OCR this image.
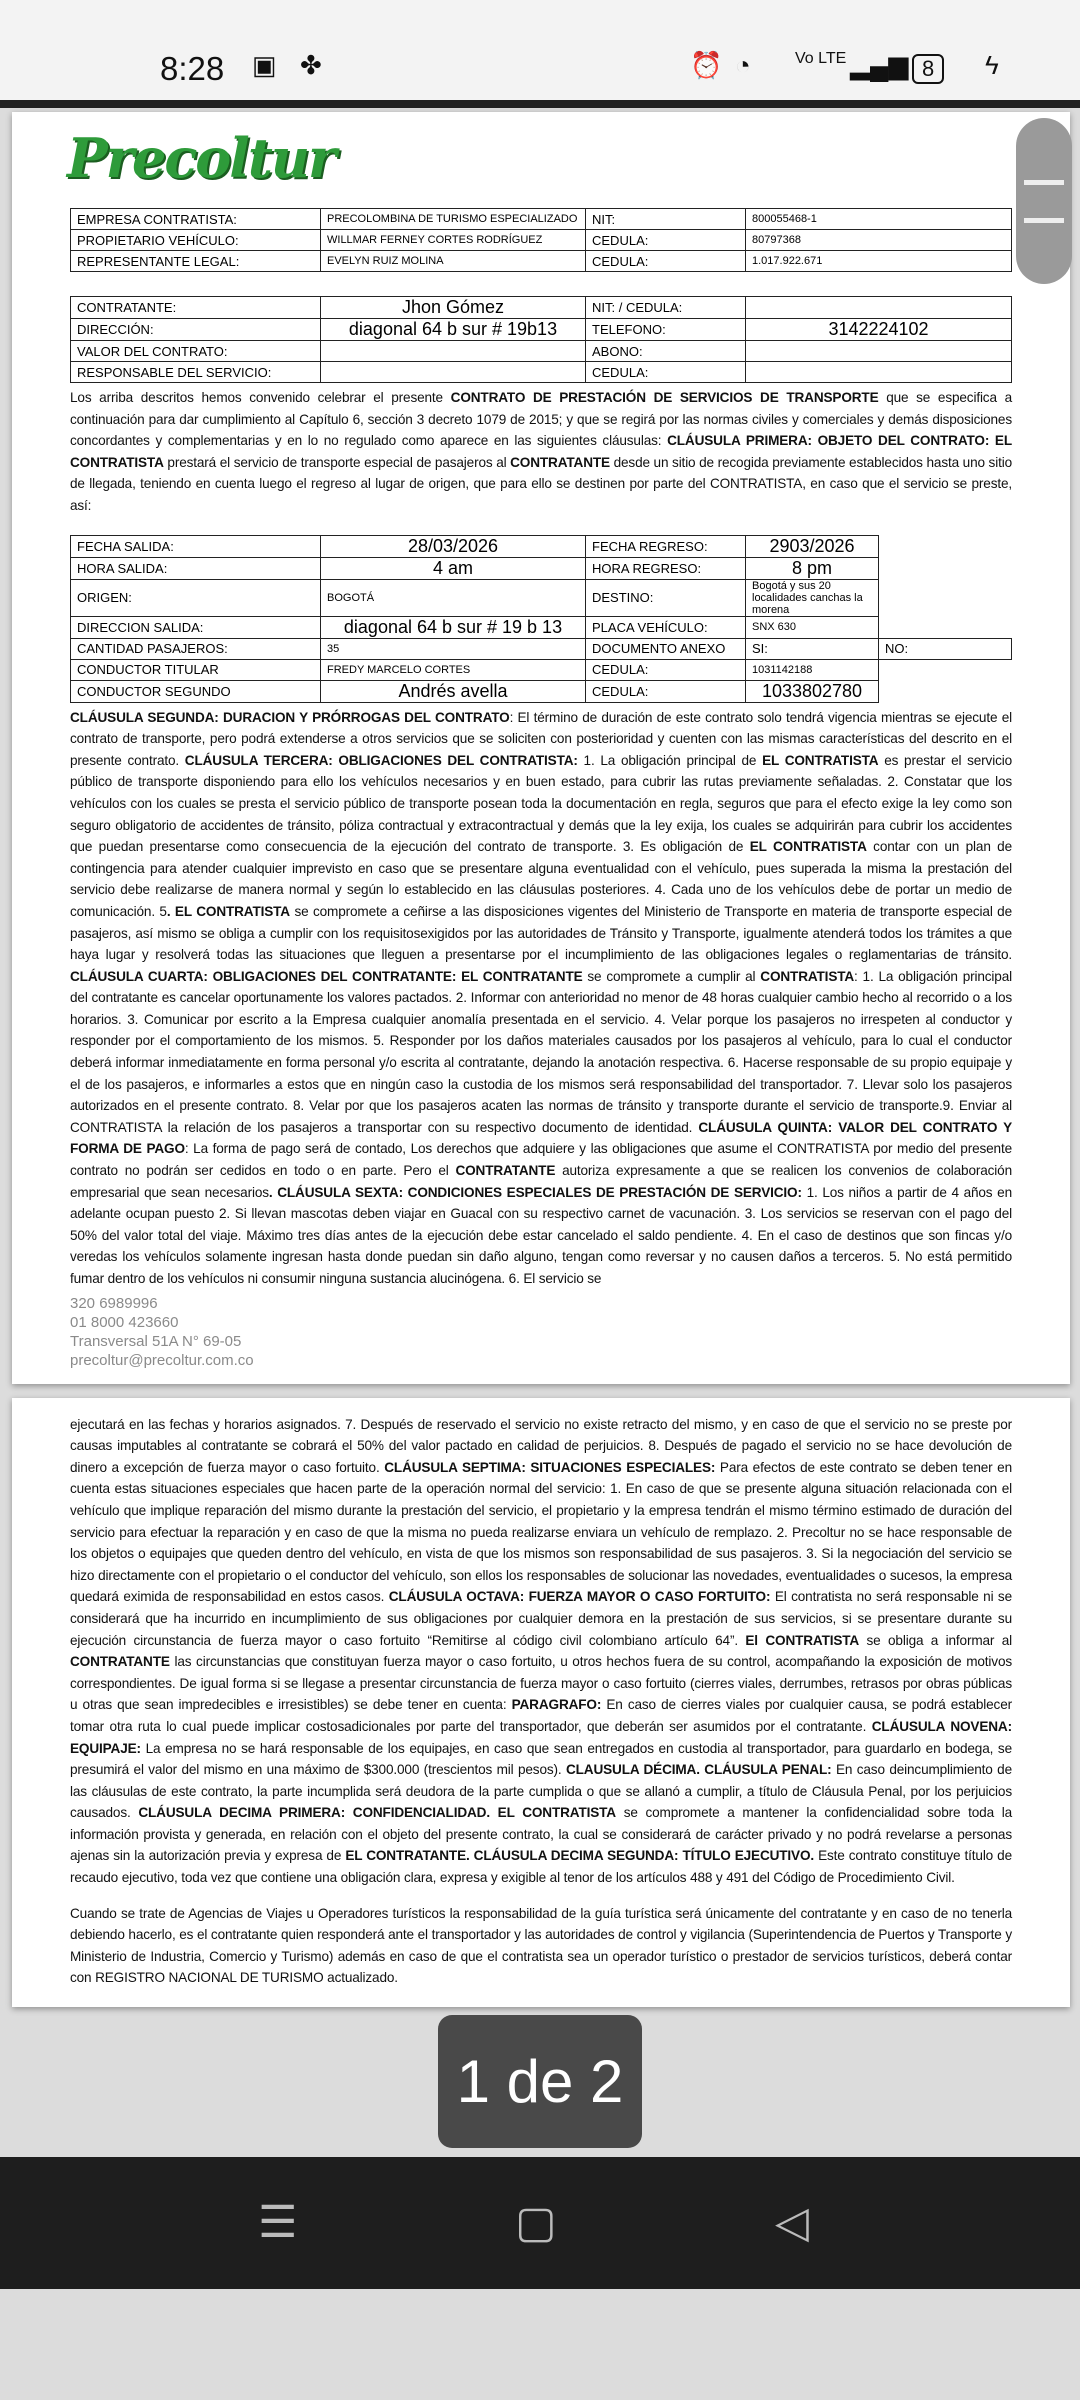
8:28 ▣ ✤	⏰ ◔	Vo LTE ▂▄▆ 8	ϟ
Precoltur
EMPRESA CONTRATISTA:	PRECOLOMBINA DE TURISMO ESPECIALIZADO	NIT:	800055468-1
PROPIETARIO VEHÍCULO:	WILLMAR FERNEY CORTES RODRÍGUEZ	CEDULA:	80797368
REPRESENTANTE LEGAL:	EVELYN RUIZ MOLINA	CEDULA:	1.017.922.671
CONTRATANTE:	Jhon Gómez	NIT: / CEDULA:	
DIRECCIÓN:	diagonal 64 b sur # 19b13	TELEFONO:	3142224102
VALOR DEL CONTRATO:		ABONO:	
RESPONSABLE DEL SERVICIO:		CEDULA:	
Los arriba descritos hemos convenido celebrar el presente CONTRATO DE PRESTACIÓN DE SERVICIOS DE TRANSPORTE que se especifica a continuación para dar cumplimiento al Capítulo 6, sección 3 decreto 1079 de 2015; y que se regirá por las normas civiles y comerciales y demás disposiciones concordantes y complementarias y en lo no regulado como aparece en las siguientes cláusulas: CLÁUSULA PRIMERA: OBJETO DEL CONTRATO: EL CONTRATISTA prestará el servicio de transporte especial de pasajeros al CONTRATANTE desde un sitio de recogida previamente establecidos hasta uno sitio de llegada, teniendo en cuenta luego el regreso al lugar de origen, que para ello se destinen por parte del CONTRATISTA, en caso que el servicio se preste, así:
FECHA SALIDA:	28/03/2026	FECHA REGRESO:	2903/2026	
HORA SALIDA:	4 am	HORA REGRESO:	8 pm	
ORIGEN:	BOGOTÁ	DESTINO:	Bogotá y sus 20 localidades canchas la morena	
DIRECCION SALIDA:	diagonal 64 b sur # 19 b 13	PLACA VEHÍCULO:	SNX 630	
CANTIDAD PASAJEROS:	35	DOCUMENTO ANEXO	SI:	NO:
CONDUCTOR TITULAR	FREDY MARCELO CORTES	CEDULA:	1031142188	
CONDUCTOR SEGUNDO	Andrés avella	CEDULA:	1033802780	
CLÁUSULA SEGUNDA: DURACION Y PRÓRROGAS DEL CONTRATO: El término de duración de este contrato solo tendrá vigencia mientras se ejecute el contrato de transporte, pero podrá extenderse a otros servicios que se soliciten con posterioridad y cuenten con las mismas características del descrito en el presente contrato. CLÁUSULA TERCERA: OBLIGACIONES DEL CONTRATISTA: 1. La obligación principal de EL CONTRATISTA es prestar el servicio público de transporte disponiendo para ello los vehículos necesarios y en buen estado, para cubrir las rutas previamente señaladas. 2. Constatar que los vehículos con los cuales se presta el servicio público de transporte posean toda la documentación en regla, seguros que para el efecto exige la ley como son seguro obligatorio de accidentes de tránsito, póliza contractual y extracontractual y demás que la ley exija, los cuales se adquirirán para cubrir los accidentes que puedan presentarse como consecuencia de la ejecución del contrato de transporte. 3. Es obligación de EL CONTRATISTA contar con un plan de contingencia para atender cualquier imprevisto en caso que se presentare alguna eventualidad con el vehículo, pues superada la misma la prestación del servicio debe realizarse de manera normal y según lo establecido en las cláusulas posteriores. 4. Cada uno de los vehículos debe de portar un medio de comunicación. 5. EL CONTRATISTA se compromete a ceñirse a las disposiciones vigentes del Ministerio de Transporte en materia de transporte especial de pasajeros, así mismo se obliga a cumplir con los requisitosexigidos por las autoridades de Tránsito y Transporte, igualmente atenderá todos los trámites a que haya lugar y resolverá todas las situaciones que lleguen a presentarse por el incumplimiento de las obligaciones legales o reglamentarias de tránsito. CLÁUSULA CUARTA: OBLIGACIONES DEL CONTRATANTE: EL CONTRATANTE se compromete a cumplir al CONTRATISTA: 1. La obligación principal del contratante es cancelar oportunamente los valores pactados. 2. Informar con anterioridad no menor de 48 horas cualquier cambio hecho al recorrido o a los horarios. 3. Comunicar por escrito a la Empresa cualquier anomalía presentada en el servicio. 4. Velar porque los pasajeros no irrespeten al conductor y responder por el comportamiento de los mismos. 5. Responder por los daños materiales causados por los pasajeros al vehículo, para lo cual el conductor deberá informar inmediatamente en forma personal y/o escrita al contratante, dejando la anotación respectiva. 6. Hacerse responsable de su propio equipaje y el de los pasajeros, e informarles a estos que en ningún caso la custodia de los mismos será responsabilidad del transportador. 7. Llevar solo los pasajeros autorizados en el presente contrato. 8. Velar por que los pasajeros acaten las normas de tránsito y transporte durante el servicio de transporte.9. Enviar al CONTRATISTA la relación de los pasajeros a transportar con su respectivo documento de identidad. CLÁUSULA QUINTA: VALOR DEL CONTRATO Y FORMA DE PAGO: La forma de pago será de contado, Los derechos que adquiere y las obligaciones que asume el CONTRATISTA por medio del presente contrato no podrán ser cedidos en todo o en parte. Pero el CONTRATANTE autoriza expresamente a que se realicen los convenios de colaboración empresarial que sean necesarios. CLÁUSULA SEXTA: CONDICIONES ESPECIALES DE PRESTACIÓN DE SERVICIO: 1. Los niños a partir de 4 años en adelante ocupan puesto 2. Si llevan mascotas deben viajar en Guacal con su respectivo carnet de vacunación. 3. Los servicios se reservan con el pago del 50% del valor total del viaje. Máximo tres días antes de la ejecución debe estar cancelado el saldo pendiente. 4. En el caso de destinos que son fincas y/o veredas los vehículos solamente ingresan hasta donde puedan sin daño alguno, tengan como reversar y no causen daños a terceros. 5. No está permitido fumar dentro de los vehículos ni consumir ninguna sustancia alucinógena. 6. El servicio se
320 6989996
01 8000 423660
Transversal 51A N° 69-05
precoltur@precoltur.com.co
ejecutará en las fechas y horarios asignados. 7. Después de reservado el servicio no existe retracto del mismo, y en caso de que el servicio no se preste por causas imputables al contratante se cobrará el 50% del valor pactado en calidad de perjuicios. 8. Después de pagado el servicio no se hace devolución de dinero a excepción de fuerza mayor o caso fortuito. CLÁUSULA SEPTIMA: SITUACIONES ESPECIALES: Para efectos de este contrato se deben tener en cuenta estas situaciones especiales que hacen parte de la operación normal del servicio: 1. En caso de que se presente alguna situación relacionada con el vehículo que implique reparación del mismo durante la prestación del servicio, el propietario y la empresa tendrán el mismo término estimado de duración del servicio para efectuar la reparación y en caso de que la misma no pueda realizarse enviara un vehículo de remplazo. 2. Precoltur no se hace responsable de los objetos o equipajes que queden dentro del vehículo, en vista de que los mismos son responsabilidad de sus pasajeros. 3. Si la negociación del servicio se hizo directamente con el propietario o el conductor del vehículo, son ellos los responsables de solucionar las novedades, eventualidades o sucesos, la empresa quedará eximida de responsabilidad en estos casos. CLÁUSULA OCTAVA: FUERZA MAYOR O CASO FORTUITO: El contratista no será responsable ni se considerará que ha incurrido en incumplimiento de sus obligaciones por cualquier demora en la prestación de sus servicios, si se presentare durante su ejecución circunstancia de fuerza mayor o caso fortuito “Remitirse al código civil colombiano artículo 64”. El CONTRATISTA se obliga a informar al CONTRATANTE las circunstancias que constituyan fuerza mayor o caso fortuito, u otros hechos fuera de su control, acompañando la exposición de motivos correspondientes. De igual forma si se llegase a presentar circunstancia de fuerza mayor o caso fortuito (cierres viales, derrumbes, retrasos por obras públicas u otras que sean impredecibles e irresistibles) se debe tener en cuenta: PARAGRAFO: En caso de cierres viales por cualquier causa, se podrá establecer tomar otra ruta lo cual puede implicar costosadicionales por parte del transportador, que deberán ser asumidos por el contratante. CLÁUSULA NOVENA: EQUIPAJE: La empresa no se hará responsable de los equipajes, en caso que sean entregados en custodia al transportador, para guardarlo en bodega, se presumirá el valor del mismo en una máximo de $300.000 (trescientos mil pesos). CLAUSULA DÉCIMA. CLÁUSULA PENAL: En caso deincumplimiento de las cláusulas de este contrato, la parte incumplida será deudora de la parte cumplida o que se allanó a cumplir, a título de Cláusula Penal, por los perjuicios causados. CLÁUSULA DECIMA PRIMERA: CONFIDENCIALIDAD. EL CONTRATISTA se compromete a mantener la confidencialidad sobre toda la información provista y generada, en relación con el objeto del presente contrato, la cual se considerará de carácter privado y no podrá revelarse a personas ajenas sin la autorización previa y expresa de EL CONTRATANTE. CLÁUSULA DECIMA SEGUNDA: TÍTULO EJECUTIVO. Este contrato constituye título de recaudo ejecutivo, toda vez que contiene una obligación clara, expresa y exigible al tenor de los artículos 488 y 491 del Código de Procedimiento Civil.
Cuando se trate de Agencias de Viajes u Operadores turísticos la responsabilidad de la guía turística será únicamente del contratante y en caso de no tenerla debiendo hacerlo, es el contratante quien responderá ante el transportador y las autoridades de control y vigilancia (Superintendencia de Puertos y Transporte y Ministerio de Industria, Comercio y Turismo) además en caso de que el contratista sea un operador turístico o prestador de servicios turísticos, deberá contar con REGISTRO NACIONAL DE TURISMO actualizado.
1 de 2
☰	▢	◁
